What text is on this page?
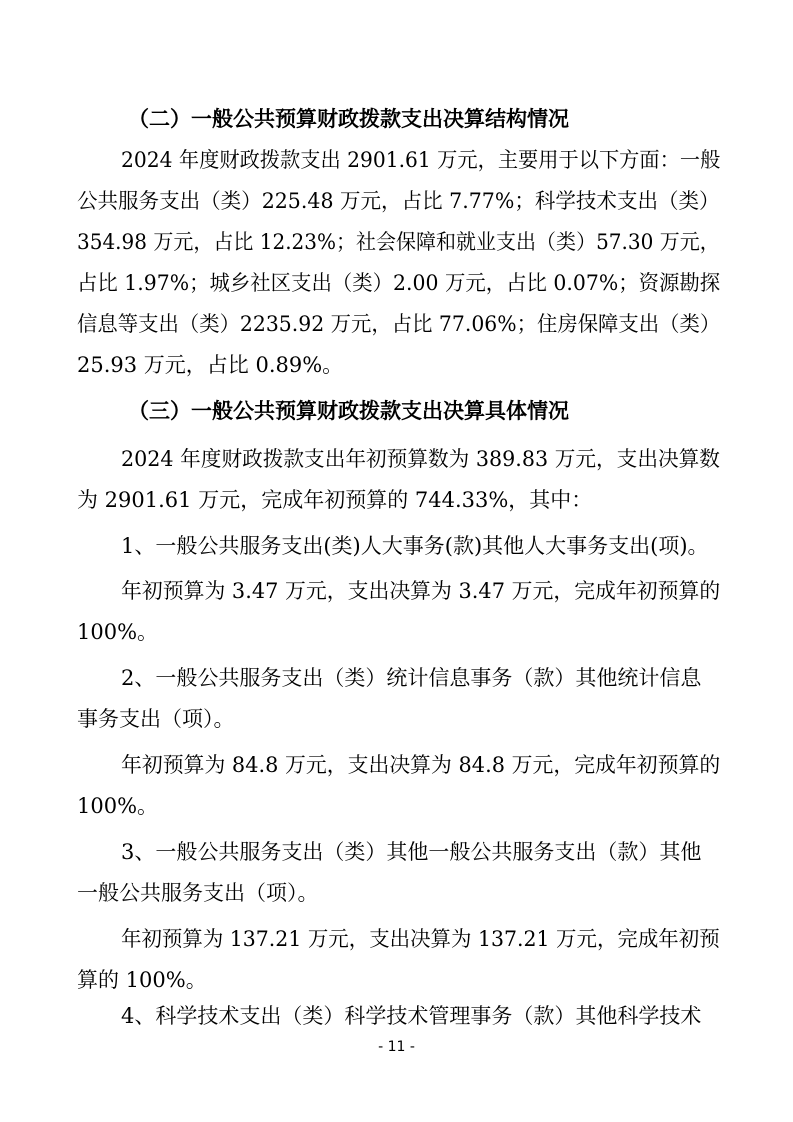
（二）一般公共预算财政拨款支出决算结构情况
2024 年度财政拨款支出 2901.61 万元，主要用于以下方面：一般
公共服务支出（类）225.48 万元，占比 7.77%；科学技术支出（类）
354.98 万元，占比 12.23%；社会保障和就业支出（类）57.30 万元，
占比 1.97%；城乡社区支出（类）2.00 万元，占比 0.07%；资源勘探
信息等支出（类）2235.92 万元，占比 77.06%；住房保障支出（类）
25.93 万元，占比 0.89%。
（三）一般公共预算财政拨款支出决算具体情况
2024 年度财政拨款支出年初预算数为 389.83 万元，支出决算数
为 2901.61 万元，完成年初预算的 744.33%，其中：
1、一般公共服务支出(类)人大事务(款)其他人大事务支出(项)。
年初预算为 3.47 万元，支出决算为 3.47 万元，完成年初预算的
100%。
2、一般公共服务支出（类）统计信息事务（款）其他统计信息
事务支出（项）。
年初预算为 84.8 万元，支出决算为 84.8 万元，完成年初预算的
100%。
3、一般公共服务支出（类）其他一般公共服务支出（款）其他
一般公共服务支出（项）。
年初预算为 137.21 万元，支出决算为 137.21 万元，完成年初预
算的 100%。
4、科学技术支出（类）科学技术管理事务（款）其他科学技术
- 11 -
